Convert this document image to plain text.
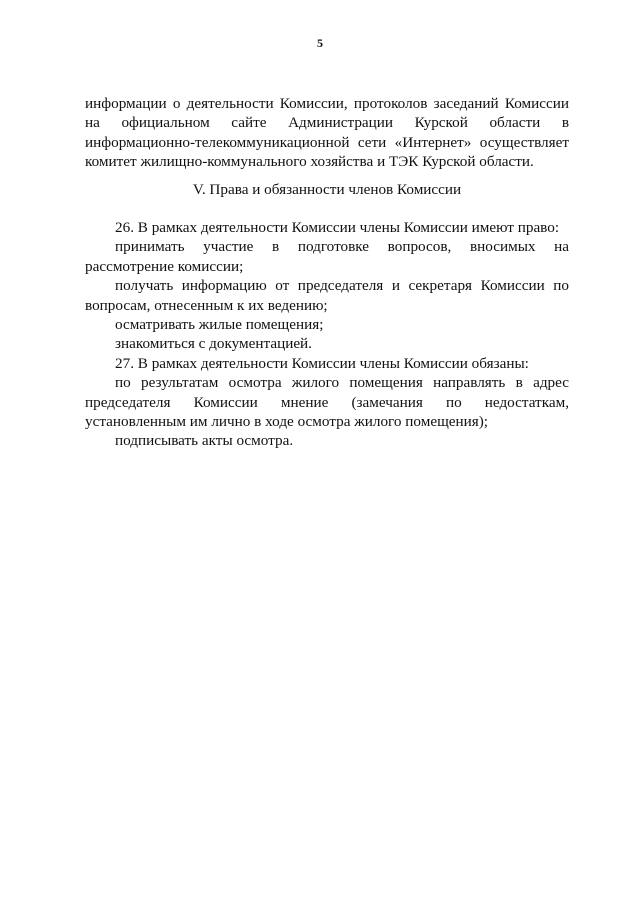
5

информации о деятельности Комиссии, протоколов заседаний Комиссии на официальном сайте Администрации Курской области в информационно-телекоммуникационной сети «Интернет» осуществляет комитет жилищно-коммунального хозяйства и ТЭК Курской области.

V. Права и обязанности членов Комиссии

26. В рамках деятельности Комиссии члены Комиссии имеют право:

принимать участие в подготовке вопросов, вносимых на рассмотрение комиссии;

получать информацию от председателя и секретаря Комиссии по вопросам, отнесенным к их ведению;

осматривать жилые помещения;

знакомиться с документацией.

27. В рамках деятельности Комиссии члены Комиссии обязаны:

по результатам осмотра жилого помещения направлять в адрес председателя Комиссии мнение (замечания по недостаткам, установленным им лично в ходе осмотра жилого помещения);

подписывать акты осмотра.
